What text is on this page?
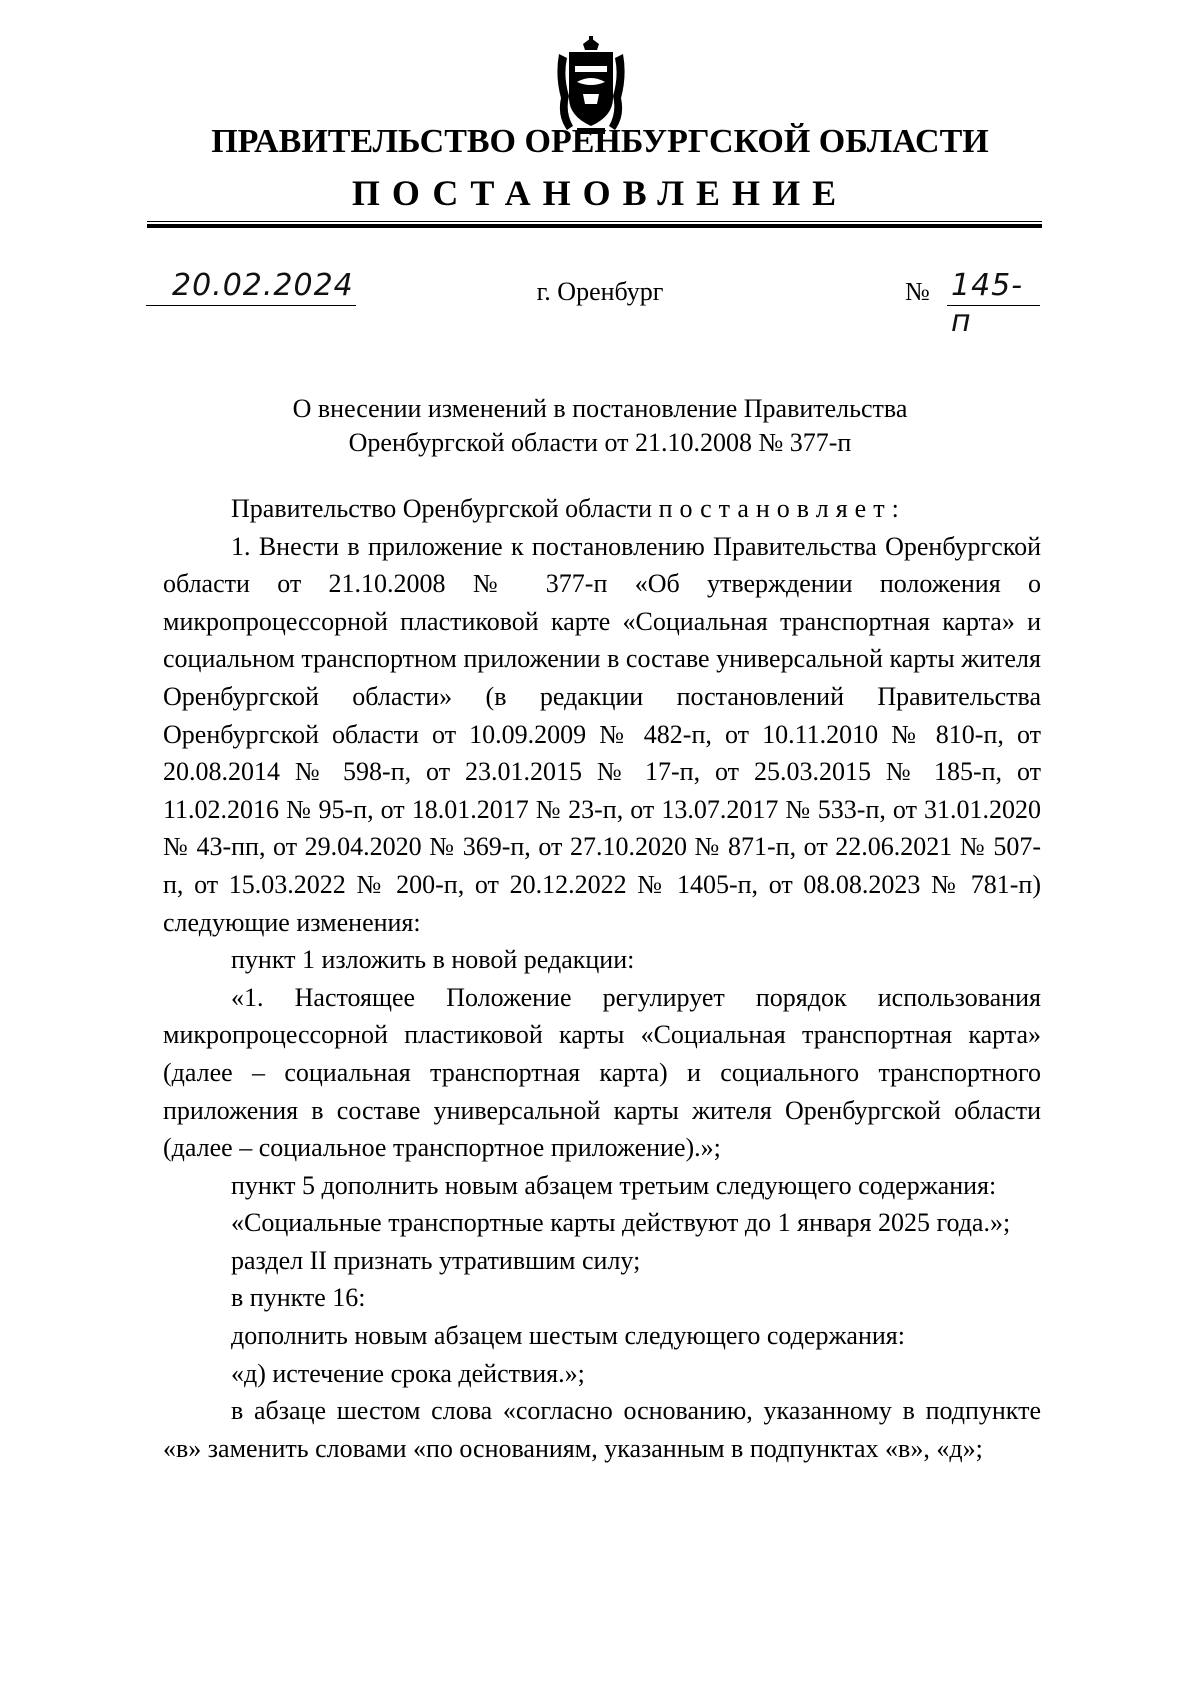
ПРАВИТЕЛЬСТВО ОРЕНБУРГСКОЙ ОБЛАСТИ
ПОСТАНОВЛЕНИЕ
20.02.2024	г. Оренбург	№ 145-п
О внесении изменений в постановление Правительства
Оренбургской области от 21.10.2008 № 377-п

Правительство Оренбургской области постановляет:

1. Внести в приложение к постановлению Правительства Оренбургской области от 21.10.2008 № 377-п «Об утверждении положения о микропроцессорной пластиковой карте «Социальная транспортная карта» и социальном транспортном приложении в составе универсальной карты жителя Оренбургской области» (в редакции постановлений Правительства Оренбургской области от 10.09.2009 № 482-п, от 10.11.2010 № 810-п, от 20.08.2014 № 598-п, от 23.01.2015 № 17-п, от 25.03.2015 № 185-п, от 11.02.2016 № 95-п, от 18.01.2017 № 23-п, от 13.07.2017 № 533-п, от 31.01.2020 № 43-пп, от 29.04.2020 № 369-п, от 27.10.2020 № 871-п, от 22.06.2021 № 507-п, от 15.03.2022 № 200-п, от 20.12.2022 № 1405-п, от 08.08.2023 № 781-п) следующие изменения:

пункт 1 изложить в новой редакции:

«1. Настоящее Положение регулирует порядок использования микропроцессорной пластиковой карты «Социальная транспортная карта» (далее – социальная транспортная карта) и социального транспортного приложения в составе универсальной карты жителя Оренбургской области (далее – социальное транспортное приложение).»;

пункт 5 дополнить новым абзацем третьим следующего содержания:

«Социальные транспортные карты действуют до 1 января 2025 года.»;

раздел II признать утратившим силу;

в пункте 16:

дополнить новым абзацем шестым следующего содержания:

«д) истечение срока действия.»;

в абзаце шестом слова «согласно основанию, указанному в подпункте «в» заменить словами «по основаниям, указанным в подпунктах «в», «д»;
